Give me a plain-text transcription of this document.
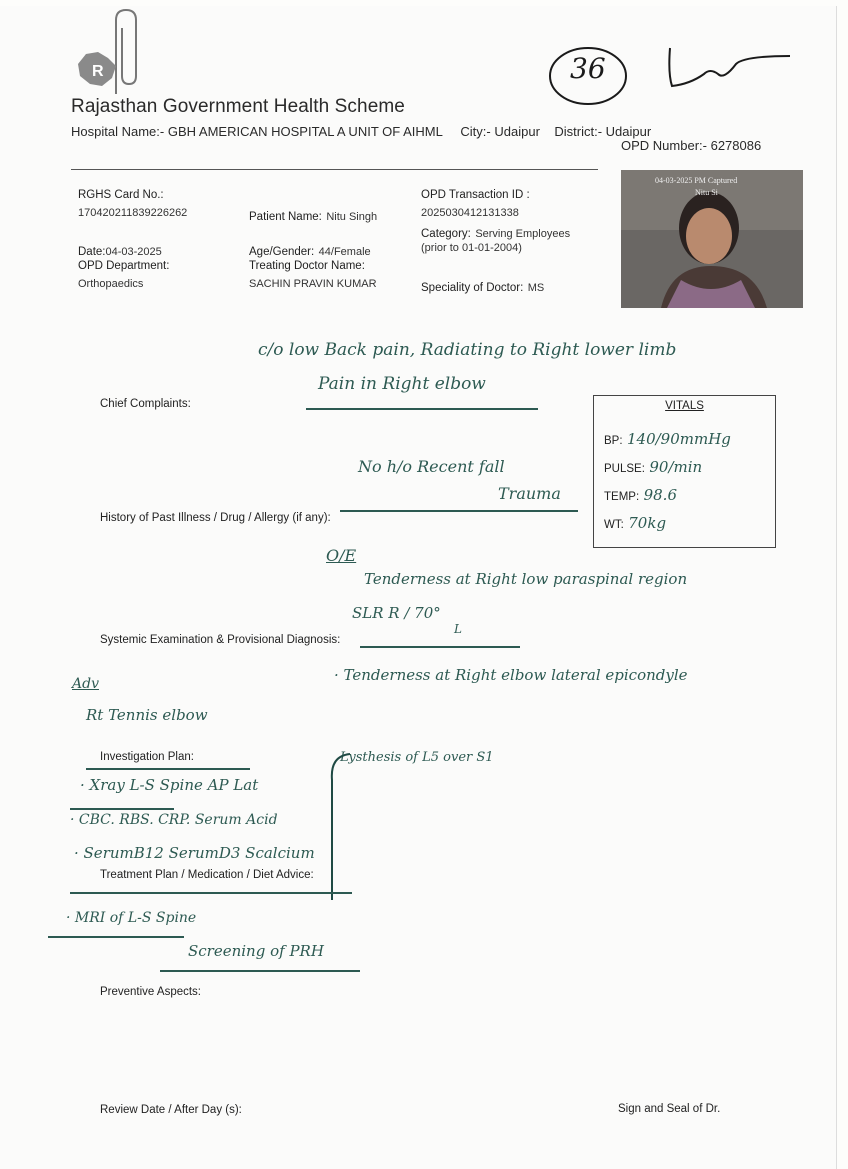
R
Rajasthan Government Health Scheme
Hospital Name:- GBH AMERICAN HOSPITAL A UNIT OF AIHML City:- Udaipur District:- Udaipur
OPD Number:- 6278086
36
RGHS Card No.:
170420211839226262	Patient Name: Nitu Singh
OPD Transaction ID :
2025030412131338
Category: Serving Employees
(prior to 01-01-2004)
Date:04-03-2025	Age/Gender: 44/Female
OPD Department:
Orthopaedics
Treating Doctor Name:
SACHIN PRAVIN KUMAR	Speciality of Doctor: MS
04-03-2025 PM Captured
Nitu Si
c/o low Back pain, Radiating to Right lower limb
Pain in Right elbow
Chief Complaints:	VITALS
BP: 140/90mmHg
PULSE: 90/min
TEMP: 98.6
WT: 70kg
No h/o Recent fall
Trauma
History of Past Illness / Drug / Allergy (if any):
O/E
Tenderness at Right low paraspinal region
SLR R / 70°
L
Systemic Examination & Provisional Diagnosis:
· Tenderness at Right elbow lateral epicondyle
Adv
Rt Tennis elbow
Investigation Plan:
· Xray L-S Spine AP Lat
Lysthesis of L5 over S1
· CBC. RBS. CRP. Serum Acid
· SerumB12 SerumD3 Scalcium
Treatment Plan / Medication / Diet Advice:
· MRI of L-S Spine
Screening of PRH
Preventive Aspects:
Review Date / After Day (s):	Sign and Seal of Dr.
